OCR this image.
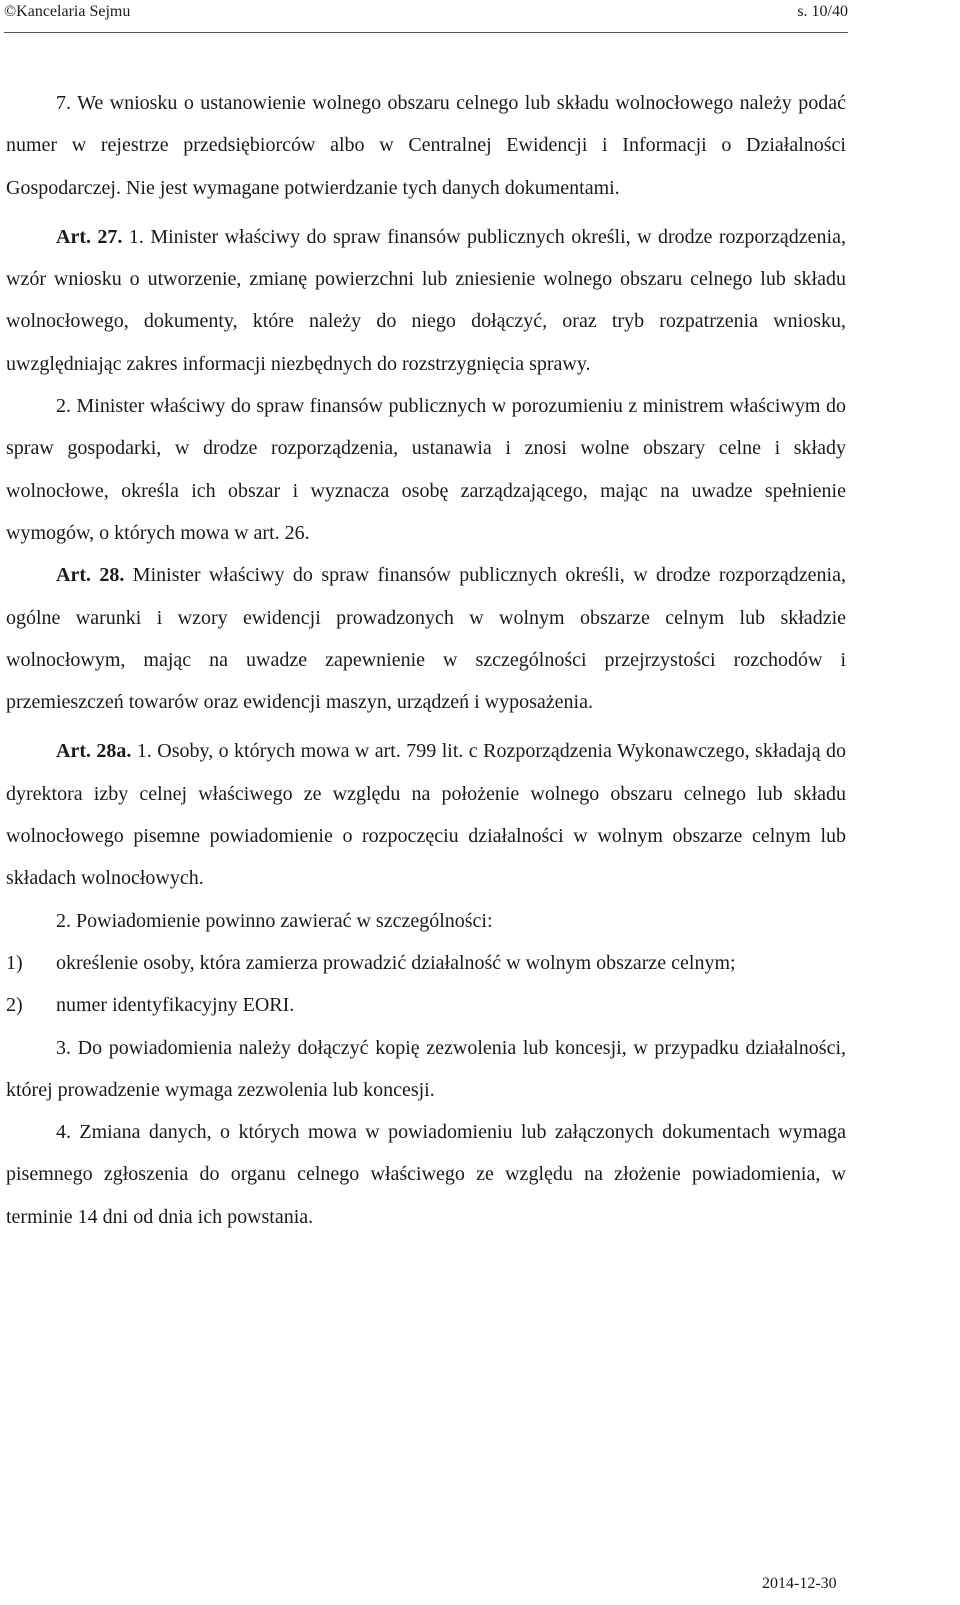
©Kancelaria Sejmu	s. 10/40

7. We wniosku o ustanowienie wolnego obszaru celnego lub składu wolnocłowego należy podać numer w rejestrze przedsiębiorców albo w Centralnej Ewidencji i Informacji o Działalności Gospodarczej. Nie jest wymagane potwierdzanie tych danych dokumentami.

Art. 27. 1. Minister właściwy do spraw finansów publicznych określi, w drodze rozporządzenia, wzór wniosku o utworzenie, zmianę powierzchni lub zniesienie wolnego obszaru celnego lub składu wolnocłowego, dokumenty, które należy do niego dołączyć, oraz tryb rozpatrzenia wniosku, uwzględniając zakres informacji niezbędnych do rozstrzygnięcia sprawy.

2. Minister właściwy do spraw finansów publicznych w porozumieniu z ministrem właściwym do spraw gospodarki, w drodze rozporządzenia, ustanawia i znosi wolne obszary celne i składy wolnocłowe, określa ich obszar i wyznacza osobę zarządzającego, mając na uwadze spełnienie wymogów, o których mowa w art. 26.

Art. 28. Minister właściwy do spraw finansów publicznych określi, w drodze rozporządzenia, ogólne warunki i wzory ewidencji prowadzonych w wolnym obszarze celnym lub składzie wolnocłowym, mając na uwadze zapewnienie w szczególności przejrzystości rozchodów i przemieszczeń towarów oraz ewidencji maszyn, urządzeń i wyposażenia.

Art. 28a. 1. Osoby, o których mowa w art. 799 lit. c Rozporządzenia Wykonawczego, składają do dyrektora izby celnej właściwego ze względu na położenie wolnego obszaru celnego lub składu wolnocłowego pisemne powiadomienie o rozpoczęciu działalności w wolnym obszarze celnym lub składach wolnocłowych.

2. Powiadomienie powinno zawierać w szczególności:

1)	określenie osoby, która zamierza prowadzić działalność w wolnym obszarze celnym;
2)	numer identyfikacyjny EORI.

3. Do powiadomienia należy dołączyć kopię zezwolenia lub koncesji, w przypadku działalności, której prowadzenie wymaga zezwolenia lub koncesji.

4. Zmiana danych, o których mowa w powiadomieniu lub załączonych dokumentach wymaga pisemnego zgłoszenia do organu celnego właściwego ze względu na złożenie powiadomienia, w terminie 14 dni od dnia ich powstania.

2014-12-30
